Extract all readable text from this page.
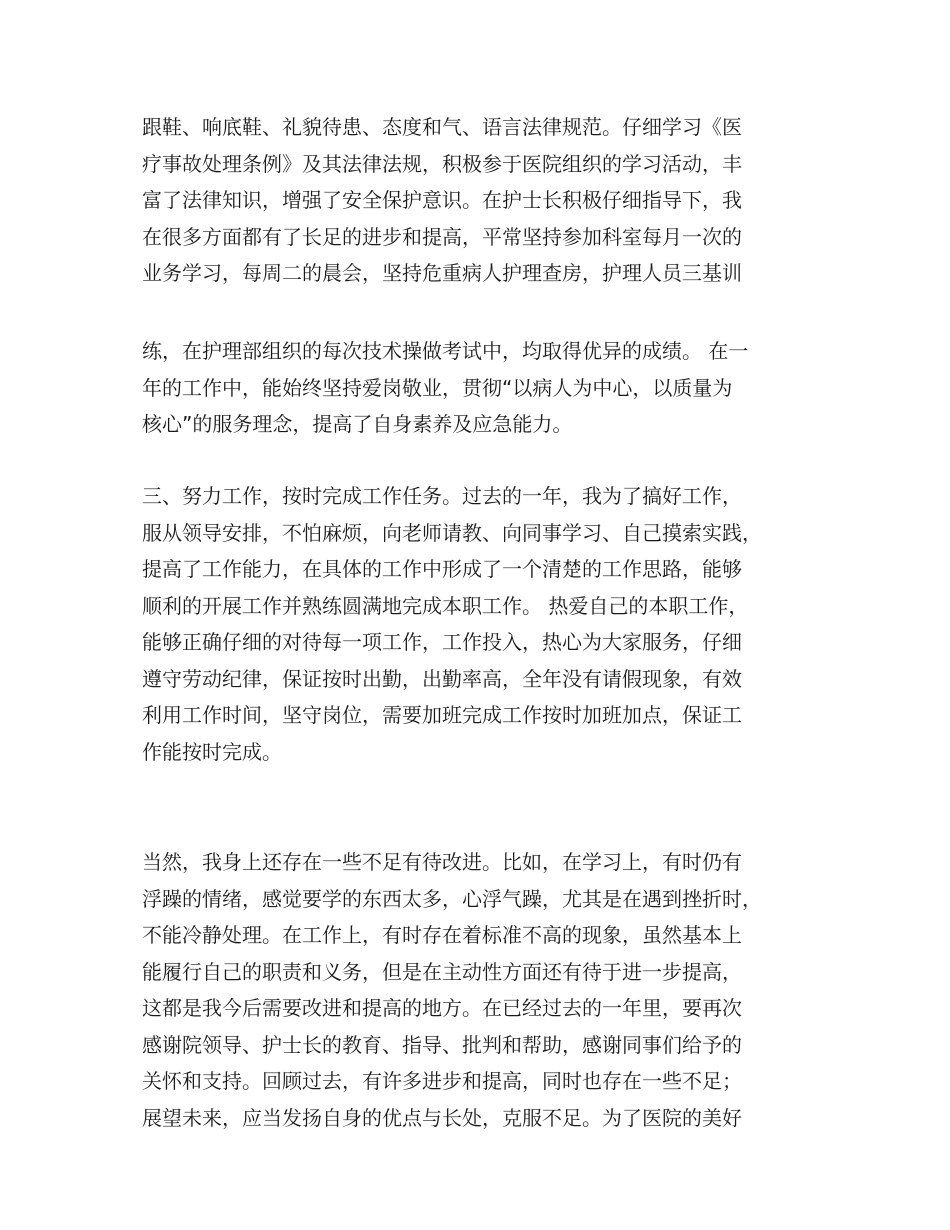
跟鞋、响底鞋、礼貌待患、态度和气、语言法律规范。仔细学习《医
疗事故处理条例》及其法律法规，积极参于医院组织的学习活动，丰
富了法律知识，增强了安全保护意识。在护士长积极仔细指导下，我
在很多方面都有了长足的进步和提高，平常坚持参加科室每月一次的
业务学习，每周二的晨会，坚持危重病人护理查房，护理人员三基训
练，在护理部组织的每次技术操做考试中，均取得优异的成绩。 在一
年的工作中，能始终坚持爱岗敬业，贯彻“以病人为中心，以质量为
核心”的服务理念，提高了自身素养及应急能力。
三、努力工作，按时完成工作任务。过去的一年，我为了搞好工作，
服从领导安排，不怕麻烦，向老师请教、向同事学习、自己摸索实践，
提高了工作能力，在具体的工作中形成了一个清楚的工作思路，能够
顺利的开展工作并熟练圆满地完成本职工作。 热爱自己的本职工作，
能够正确仔细的对待每一项工作，工作投入，热心为大家服务，仔细
遵守劳动纪律，保证按时出勤，出勤率高，全年没有请假现象，有效
利用工作时间，坚守岗位，需要加班完成工作按时加班加点，保证工
作能按时完成。
当然，我身上还存在一些不足有待改进。比如，在学习上，有时仍有
浮躁的情绪，感觉要学的东西太多，心浮气躁，尤其是在遇到挫折时，
不能冷静处理。在工作上，有时存在着标准不高的现象，虽然基本上
能履行自己的职责和义务，但是在主动性方面还有待于进一步提高，
这都是我今后需要改进和提高的地方。在已经过去的一年里，要再次
感谢院领导、护士长的教育、指导、批判和帮助，感谢同事们给予的
关怀和支持。回顾过去，有许多进步和提高，同时也存在一些不足；
展望未来，应当发扬自身的优点与长处，克服不足。为了医院的美好
